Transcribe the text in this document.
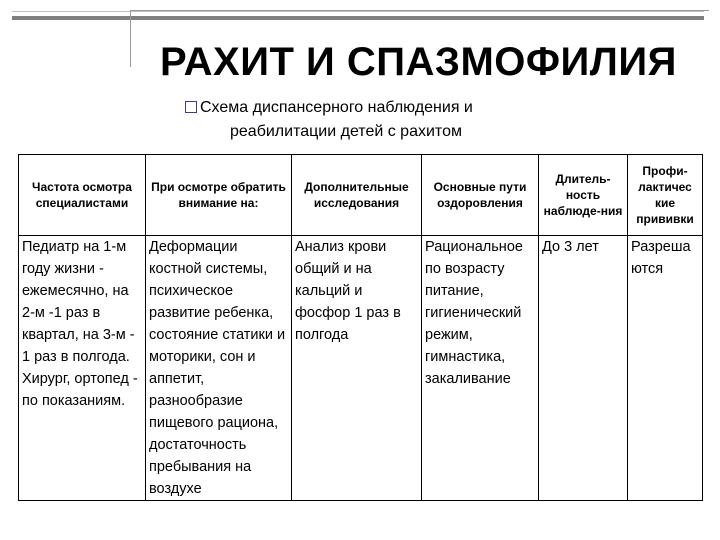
РАХИТ И СПАЗМОФИЛИЯ
Схема диспансерного наблюдения и
реабилитации детей с рахитом
Частота осмотра специалистами	При осмотре обратить внимание на:	Дополнительные исследования	Основные пути оздоровления	Длитель-ность наблюде-ния	Профи-лактичес кие прививки
Педиатр на 1-м году жизни - ежемесячно, на 2-м -1 раз в квартал, на 3-м - 1 раз в полгода. Хирург, ортопед - по показаниям.	Деформации костной системы, психическое развитие ребенка, состояние статики и моторики, сон и аппетит, разнообразие пищевого рациона, достаточность пребывания на воздухе	Анализ крови общий и на кальций и фосфор 1 раз в полгода	Рациональное по возрасту питание, гигиенический режим, гимнастика, закаливание	До 3 лет	Разреша ются
